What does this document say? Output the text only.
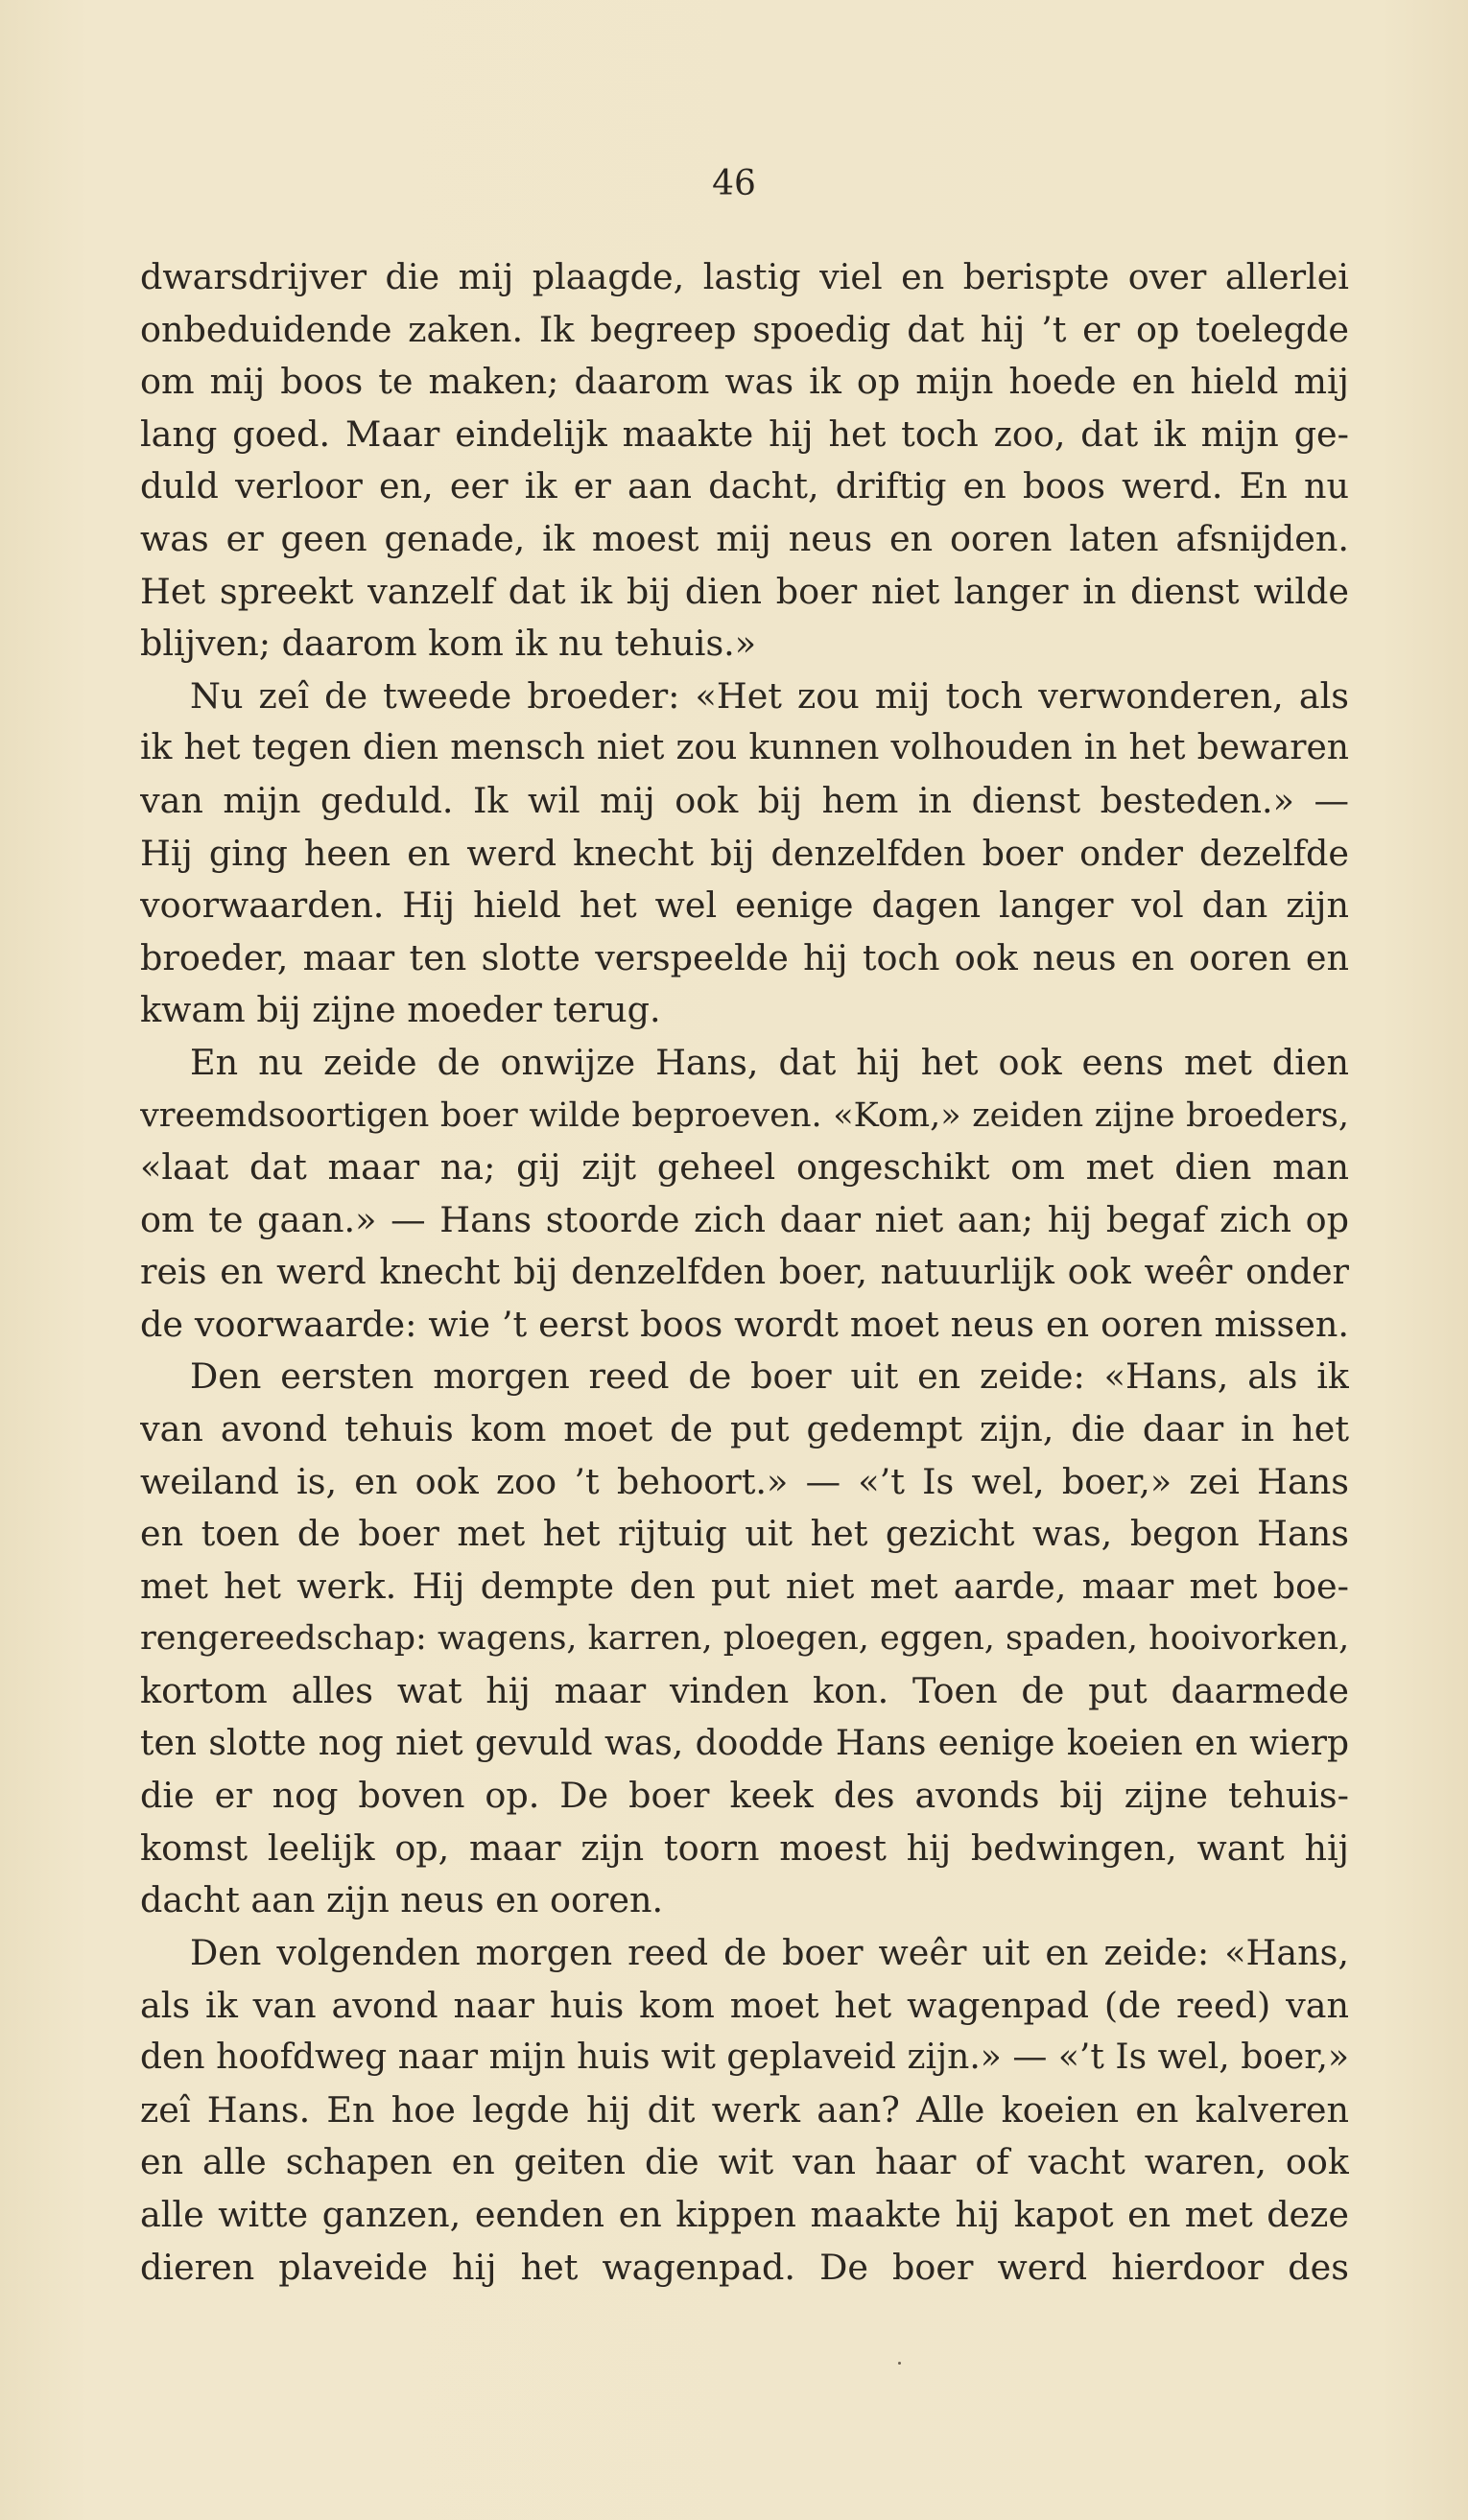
46
dwarsdrijver die mij plaagde, lastig viel en berispte over allerlei
onbeduidende zaken. Ik begreep spoedig dat hij ’t er op toelegde
om mij boos te maken; daarom was ik op mijn hoede en hield mij
lang goed. Maar eindelijk maakte hij het toch zoo, dat ik mijn ge-
duld verloor en, eer ik er aan dacht, driftig en boos werd. En nu
was er geen genade, ik moest mij neus en ooren laten afsnijden.
Het spreekt vanzelf dat ik bij dien boer niet langer in dienst wilde
blijven; daarom kom ik nu tehuis.»
Nu zeî de tweede broeder: «Het zou mij toch verwonderen, als
ik het tegen dien mensch niet zou kunnen volhouden in het bewaren
van mijn geduld. Ik wil mij ook bij hem in dienst besteden.» —
Hij ging heen en werd knecht bij denzelfden boer onder dezelfde
voorwaarden. Hij hield het wel eenige dagen langer vol dan zijn
broeder, maar ten slotte verspeelde hij toch ook neus en ooren en
kwam bij zijne moeder terug.
En nu zeide de onwijze Hans, dat hij het ook eens met dien
vreemdsoortigen boer wilde beproeven. «Kom,» zeiden zijne broeders,
«laat dat maar na; gij zijt geheel ongeschikt om met dien man
om te gaan.» — Hans stoorde zich daar niet aan; hij begaf zich op
reis en werd knecht bij denzelfden boer, natuurlijk ook weêr onder
de voorwaarde: wie ’t eerst boos wordt moet neus en ooren missen.
Den eersten morgen reed de boer uit en zeide: «Hans, als ik
van avond tehuis kom moet de put gedempt zijn, die daar in het
weiland is, en ook zoo ’t behoort.» — «’t Is wel, boer,» zei Hans
en toen de boer met het rijtuig uit het gezicht was, begon Hans
met het werk. Hij dempte den put niet met aarde, maar met boe-
rengereedschap: wagens, karren, ploegen, eggen, spaden, hooivorken,
kortom alles wat hij maar vinden kon. Toen de put daarmede
ten slotte nog niet gevuld was, doodde Hans eenige koeien en wierp
die er nog boven op. De boer keek des avonds bij zijne tehuis-
komst leelijk op, maar zijn toorn moest hij bedwingen, want hij
dacht aan zijn neus en ooren.
Den volgenden morgen reed de boer weêr uit en zeide: «Hans,
als ik van avond naar huis kom moet het wagenpad (de reed) van
den hoofdweg naar mijn huis wit geplaveid zijn.» — «’t Is wel, boer,»
zeî Hans. En hoe legde hij dit werk aan? Alle koeien en kalveren
en alle schapen en geiten die wit van haar of vacht waren, ook
alle witte ganzen, eenden en kippen maakte hij kapot en met deze
dieren plaveide hij het wagenpad. De boer werd hierdoor des
